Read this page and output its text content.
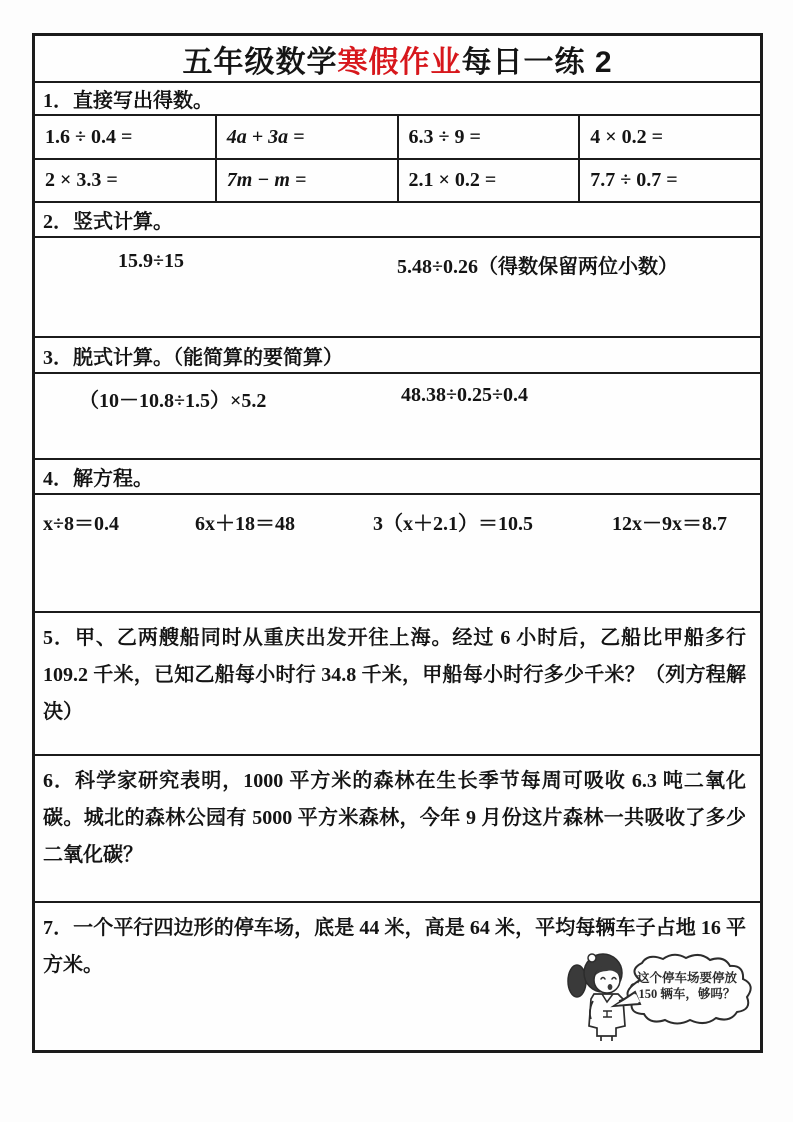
五年级数学 寒假作业 每日一练 2
1．直接写出得数。
1.6 ÷ 0.4 =	4a + 3a =	6.3 ÷ 9 =	4 × 0.2 =
2 × 3.3 =	7m − m =	2.1 × 0.2 =	7.7 ÷ 0.7 =
2．竖式计算。
15.9÷15	5.48÷0.26（得数保留两位小数）
3．脱式计算。（能简算的要简算）
（10－10.8÷1.5）×5.2	48.38÷0.25÷0.4
4．解方程。
x÷8＝0.4	6x＋18＝48	3（x＋2.1）＝10.5	12x－9x＝8.7
5．甲、乙两艘船同时从重庆出发开往上海。经过 6 小时后，乙船比甲船多行 109.2 千米，已知乙船每小时行 34.8 千米，甲船每小时行多少千米？（列方程解决）
6．科学家研究表明，1000 平方米的森林在生长季节每周可吸收 6.3 吨二氧化碳。城北的森林公园有 5000 平方米森林，今年 9 月份这片森林一共吸收了多少二氧化碳？
7．一个平行四边形的停车场，底是 44 米，高是 64 米，平均每辆车子占地 16 平方米。
这个停车场要停放
150 辆车，够吗？
